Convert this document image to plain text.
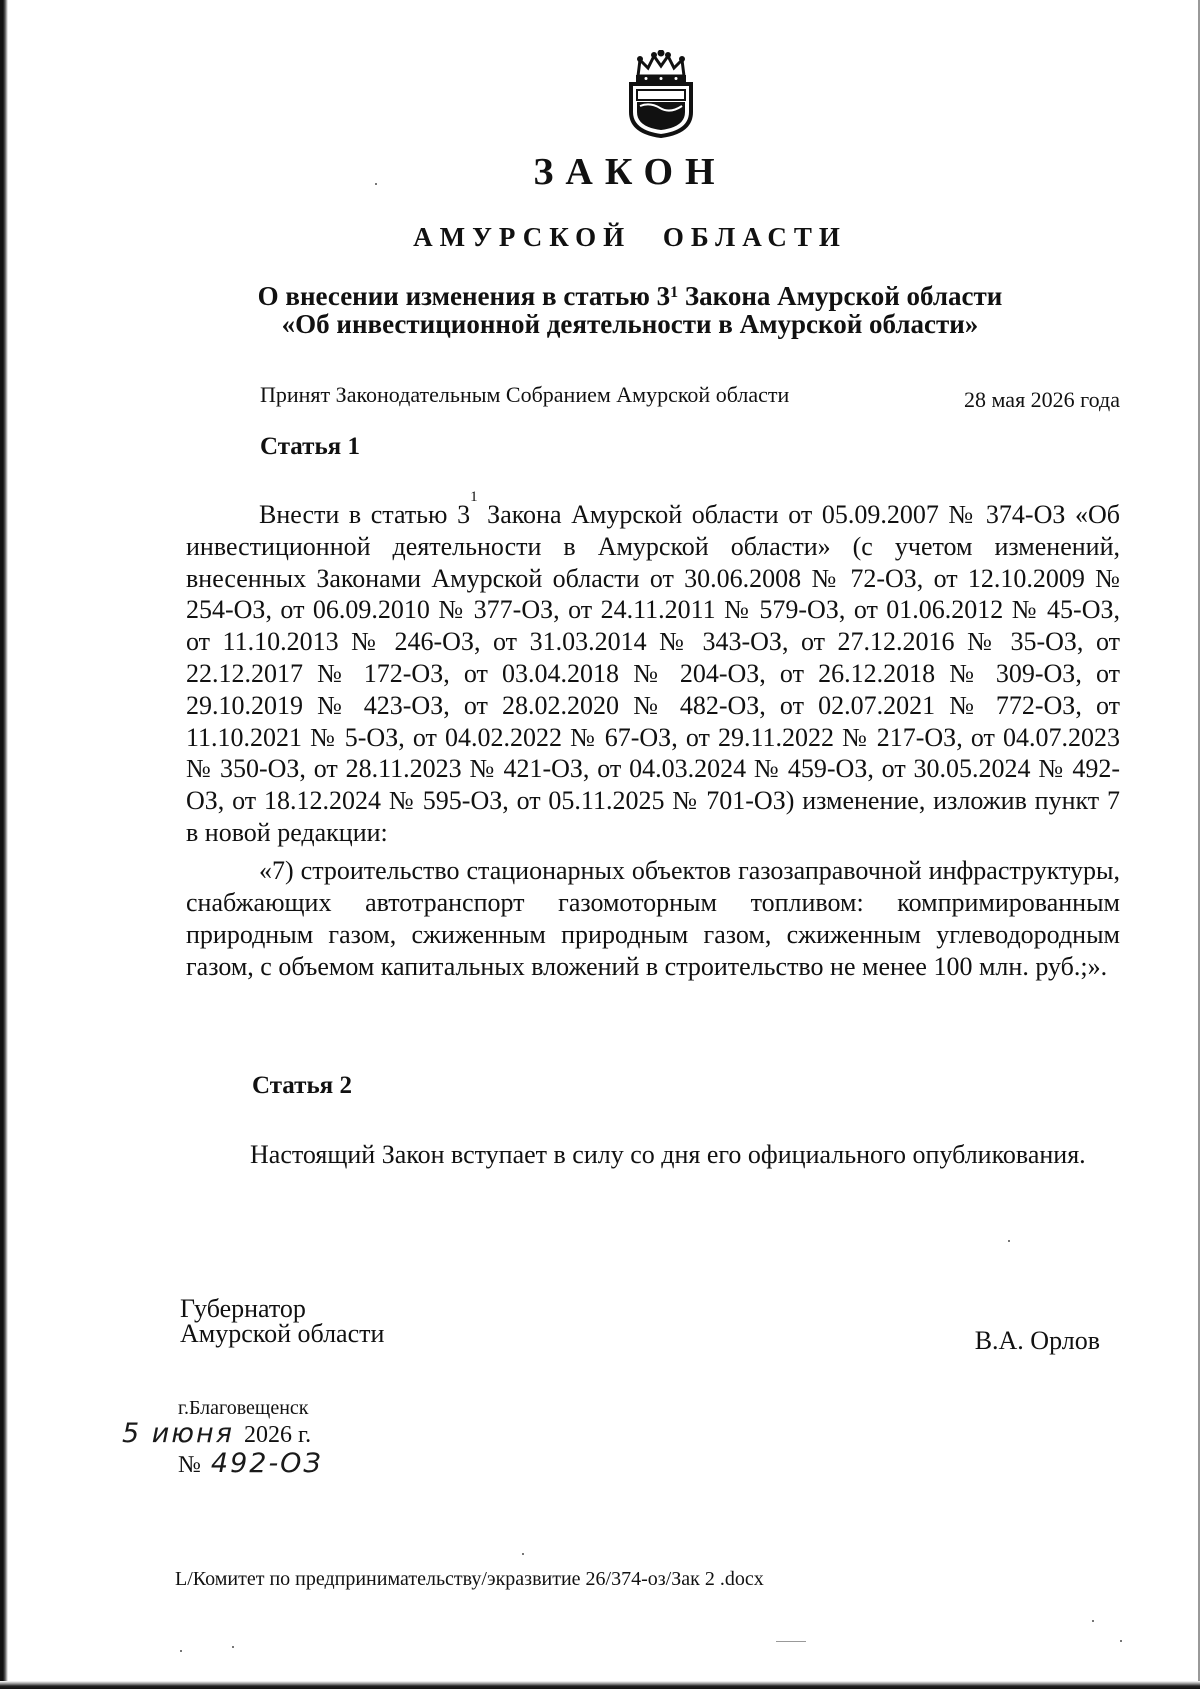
ЗАКОН
АМУРСКОЙ ОБЛАСТИ
О внесении изменения в статью $3^1$ Закона Амурской области
«Об инвестиционной деятельности в Амурской области»
Принят Законодательным Собранием Амурской области	28 мая 2026 года
Статья 1
Внести в статью $3^1$ Закона Амурской области от 05.09.2007 № 374-ОЗ «Об инвестиционной деятельности в Амурской области» (с учетом изменений, внесенных Законами Амурской области от 30.06.2008 № 72-ОЗ, от 12.10.2009 № 254-ОЗ, от 06.09.2010 № 377-ОЗ, от 24.11.2011 № 579-ОЗ, от 01.06.2012 № 45-ОЗ, от 11.10.2013 № 246-ОЗ, от 31.03.2014 № 343-ОЗ, от 27.12.2016 № 35-ОЗ, от 22.12.2017 № 172-ОЗ, от 03.04.2018 № 204-ОЗ, от 26.12.2018 № 309-ОЗ, от 29.10.2019 № 423-ОЗ, от 28.02.2020 № 482-ОЗ, от 02.07.2021 № 772-ОЗ, от 11.10.2021 № 5-ОЗ, от 04.02.2022 № 67-ОЗ, от 29.11.2022 № 217-ОЗ, от 04.07.2023 № 350-ОЗ, от 28.11.2023 № 421-ОЗ, от 04.03.2024 № 459-ОЗ, от 30.05.2024 № 492-ОЗ, от 18.12.2024 № 595-ОЗ, от 05.11.2025 № 701-ОЗ) изменение, изложив пункт 7 в новой редакции:
«7) строительство стационарных объектов газозаправочной инфраструктуры, снабжающих автотранспорт газомоторным топливом: компримированным природным газом, сжиженным природным газом, сжиженным углеводородным газом, с объемом капитальных вложений в строительство не менее 100 млн. руб.;».
Статья 2
Настоящий Закон вступает в силу со дня его официального опубликования.
Губернатор
Амурской области	В.А. Орлов
г.Благовещенск
5 июня 2026 г.
№ 492-ОЗ
L/Комитет по предпринимательству/экразвитие 26/374-оз/Зак 2 .docx
